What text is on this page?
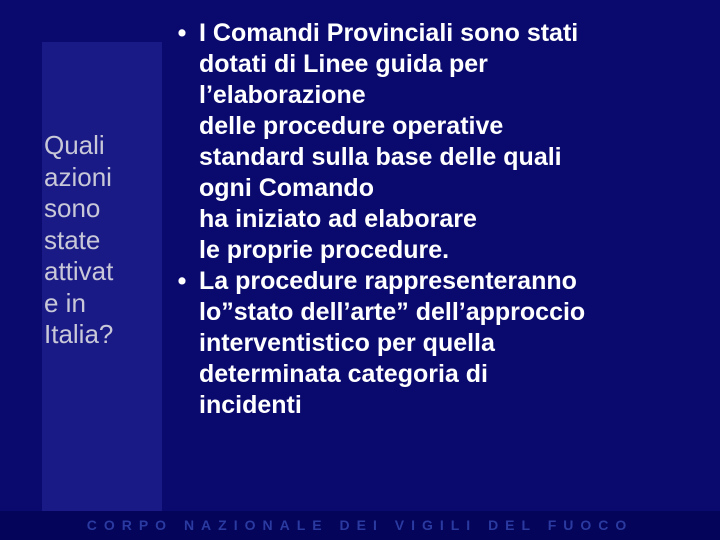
CORPO NAZIONALE DEI VIGILI DEL FUOCO
Quali
azioni
sono
state
attivat
e in
Italia?
• I Comandi Provinciali sono stati
dotati di Linee guida per
l’elaborazione
delle procedure operative
standard sulla base delle quali
ogni Comando
ha iniziato ad elaborare
le proprie procedure.
• La procedure rappresenteranno
lo”stato dell’arte” dell’approccio
interventistico per quella
determinata categoria di
incidenti
